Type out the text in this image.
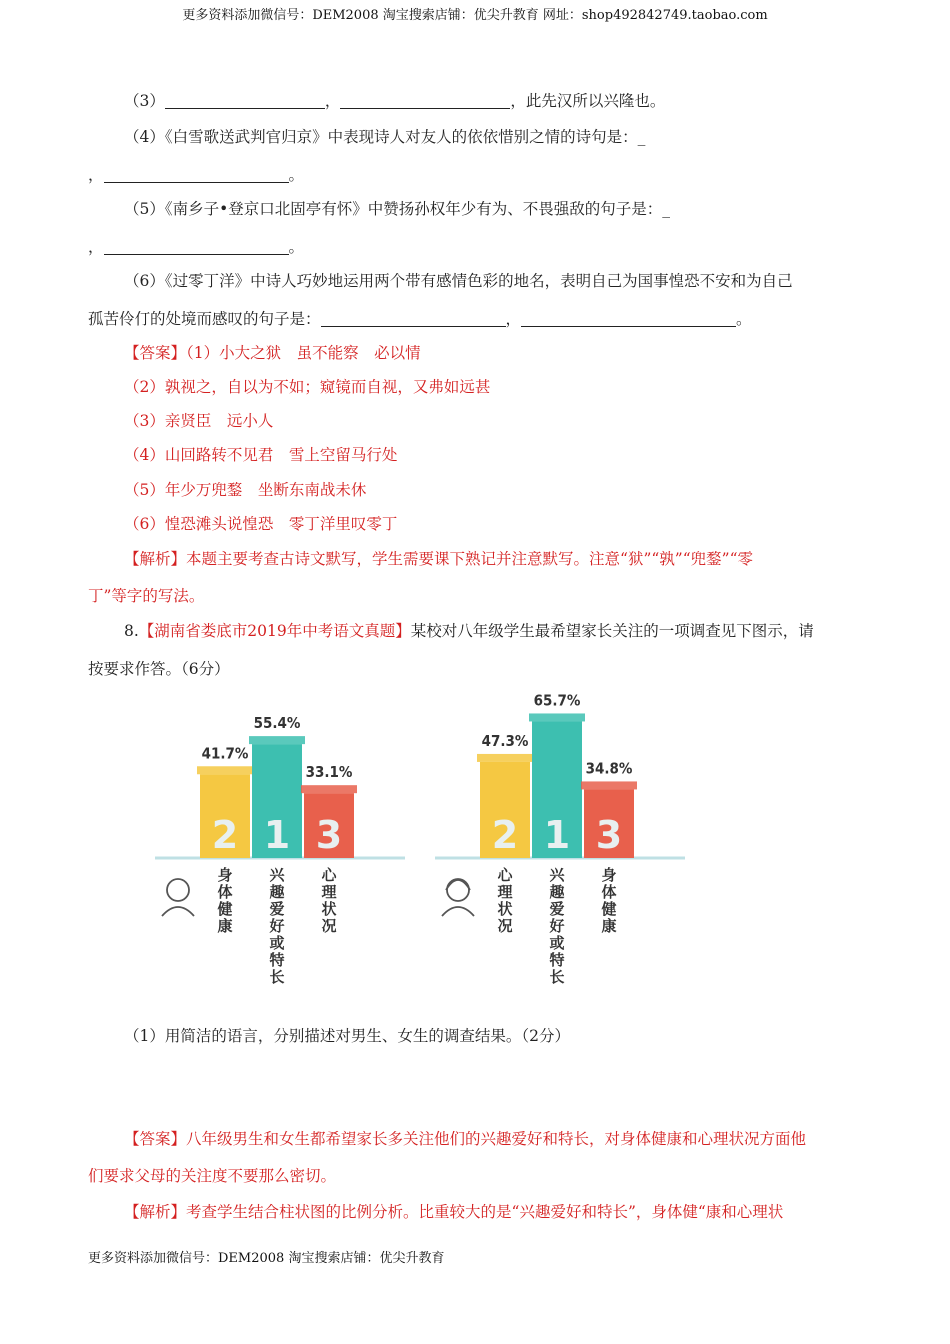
更多资料添加微信号：DEM2008 淘宝搜索店铺：优尖升教育 网址：shop492842749.taobao.com
（3）	，	，此先汉所以兴隆也。
（4）《白雪歌送武判官归京》中表现诗人对友人的依依惜别之情的诗句是：_
，	。
（5）《南乡子•登京口北固亭有怀》中赞扬孙权年少有为、不畏强敌的句子是：_
，	。
（6）《过零丁洋》中诗人巧妙地运用两个带有感情色彩的地名，表明自己为国事惶恐不安和为自己
孤苦伶仃的处境而感叹的句子是：	，	。
【答案】（1）小大之狱　虽不能察　必以情
（2）孰视之，自以为不如；窥镜而自视，又弗如远甚
（3）亲贤臣　远小人
（4）山回路转不见君　雪上空留马行处
（5）年少万兜鍪　坐断东南战未休
（6）惶恐滩头说惶恐　零丁洋里叹零丁
【解析】本题主要考查古诗文默写，学生需要课下熟记并注意默写。注意“狱”“孰”“兜鍪”“零
丁”等字的写法。
8.【湖南省娄底市2019年中考语文真题】某校对八年级学生最希望家长关注的一项调查见下图示，请
按要求作答。（6分）
2
41.7%
身体健康
1
55.4%
兴趣爱好或特长
3
33.1%
心理状况
2
47.3%
心理状况
1
65.7%
兴趣爱好或特长
3
34.8%
身体健康
（1）用简洁的语言，分别描述对男生、女生的调查结果。（2分）
【答案】八年级男生和女生都希望家长多关注他们的兴趣爱好和特长，对身体健康和心理状况方面他
们要求父母的关注度不要那么密切。
【解析】考查学生结合柱状图的比例分析。比重较大的是“兴趣爱好和特长”，身体健“康和心理状
更多资料添加微信号：DEM2008 淘宝搜索店铺：优尖升教育
